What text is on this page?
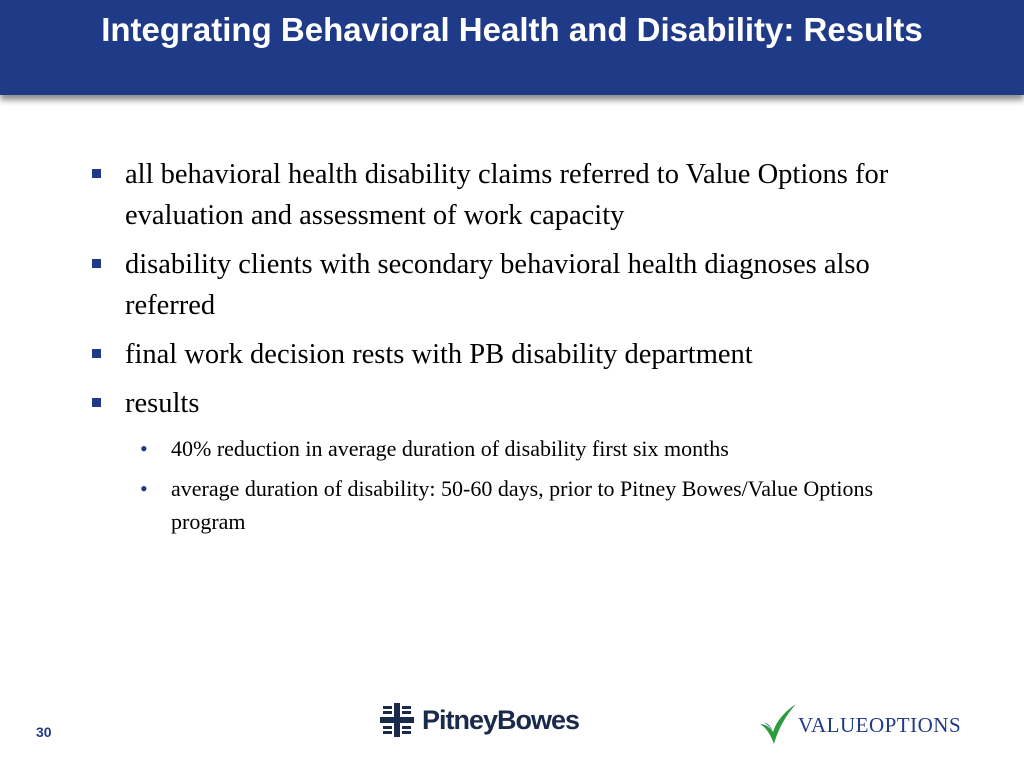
Integrating Behavioral Health and Disability: Results
all behavioral health disability claims referred to Value Options for evaluation and assessment of work capacity
disability clients with secondary behavioral health diagnoses also referred
final work decision rests with PB disability department
results
• 40% reduction in average duration of disability first six months
• average duration of disability: 50-60 days, prior to Pitney Bowes/Value Options program
30	PitneyBowes	VALUEOPTIONS
